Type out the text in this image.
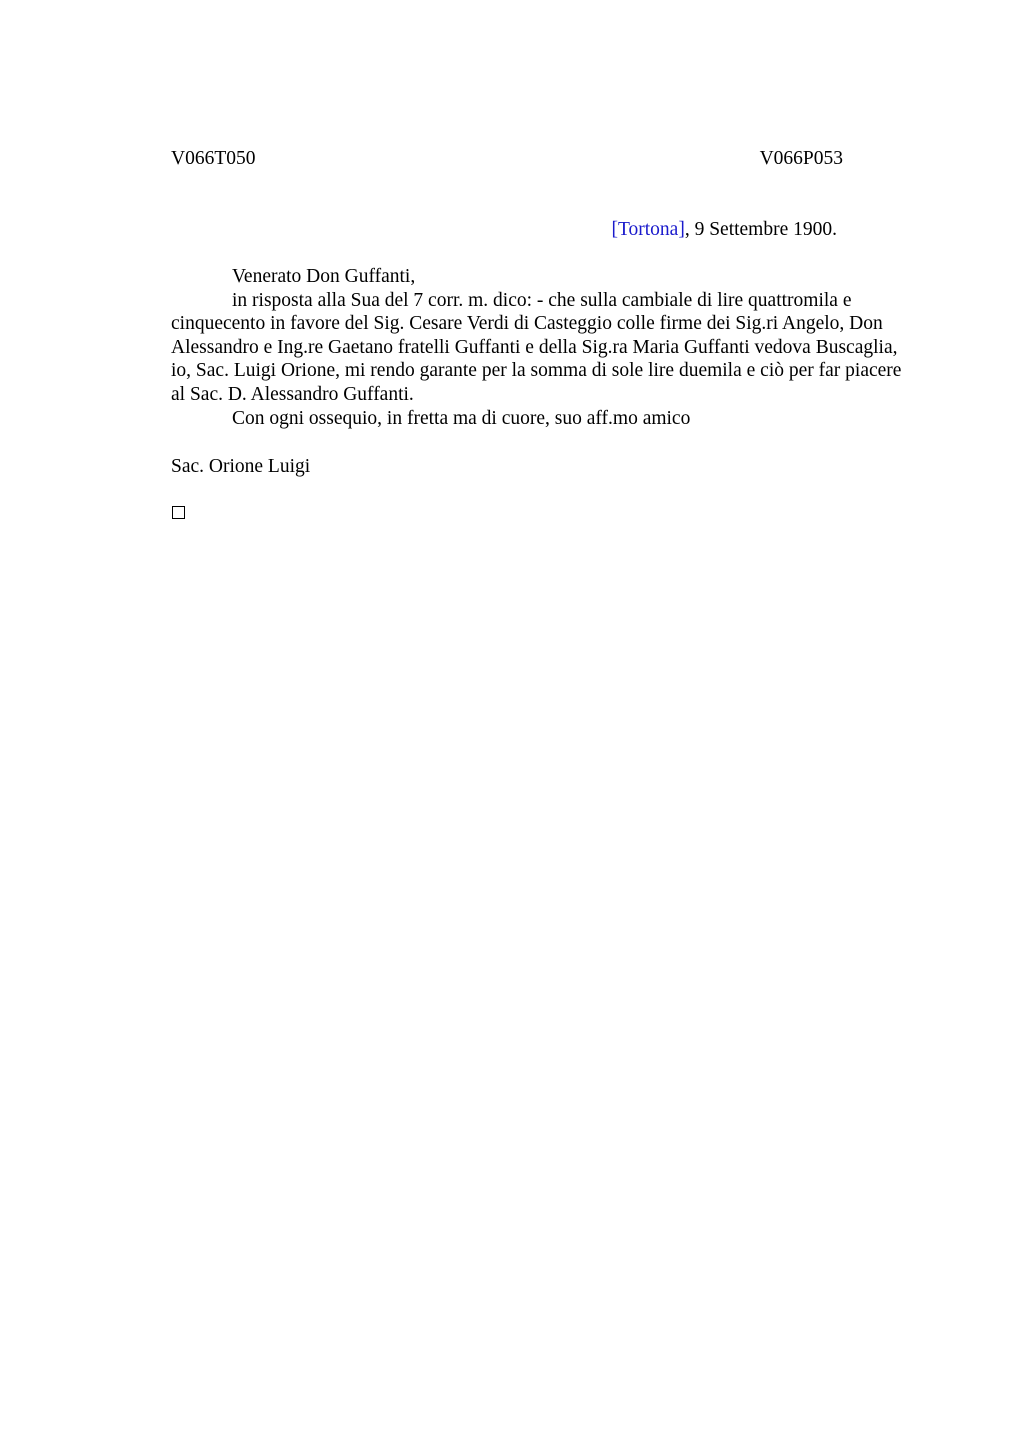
V066T050	V066P053
[Tortona], 9 Settembre 1900.

Venerato Don Guffanti,

in risposta alla Sua del 7 corr. m. dico: - che sulla cambiale di lire quattromila e cinquecento in favore del Sig. Cesare Verdi di Casteggio colle firme dei Sig.ri Angelo, Don Alessandro e Ing.re Gaetano fratelli Guffanti e della Sig.ra Maria Guffanti vedova Buscaglia, io, Sac. Luigi Orione, mi rendo garante per la somma di sole lire duemila e ciò per far piacere al Sac. D. Alessandro Guffanti.

Con ogni ossequio, in fretta ma di cuore, suo aff.mo amico

Sac. Orione Luigi
